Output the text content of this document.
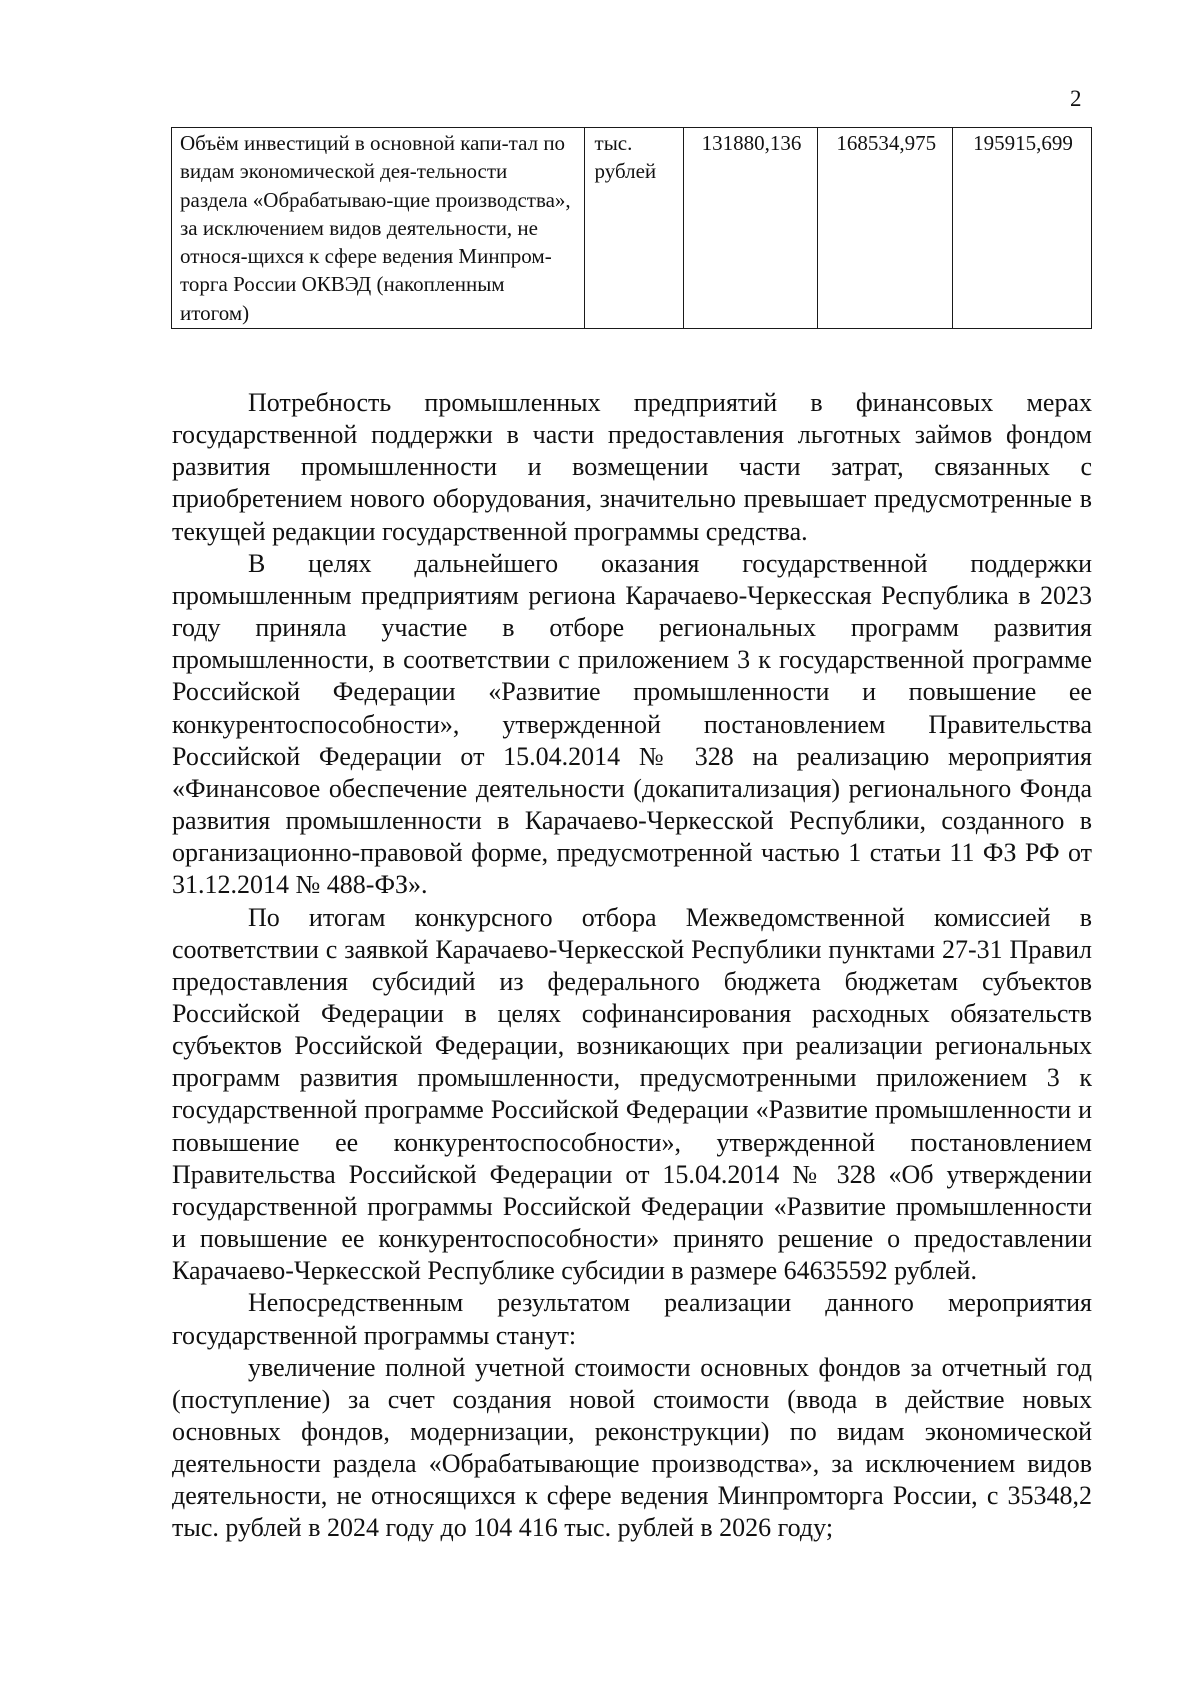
2
Объём инвестиций в основной капи-тал по видам экономической дея-тельности раздела «Обрабатываю-щие производства», за исключением видов деятельности, не относя-щихся к сфере ведения Минпром-торга России ОКВЭД (накопленным итогом)	тыс. рублей	131880,136	168534,975	195915,699

Потребность промышленных предприятий в финансовых мерах государственной поддержки в части предоставления льготных займов фондом развития промышленности и возмещении части затрат, связанных с приобретением нового оборудования, значительно превышает предусмотренные в текущей редакции государственной программы средства.

В целях дальнейшего оказания государственной поддержки промышленным предприятиям региона Карачаево-Черкесская Республика в 2023 году приняла участие в отборе региональных программ развития промышленности, в соответствии с приложением 3 к государственной программе Российской Федерации «Развитие промышленности и повышение ее конкурентоспособности», утвержденной постановлением Правительства Российской Федерации от 15.04.2014 № 328 на реализацию мероприятия «Финансовое обеспечение деятельности (докапитализация) регионального Фонда развития промышленности в Карачаево-Черкесской Республики, созданного в организационно-правовой форме, предусмотренной частью 1 статьи 11 ФЗ РФ от 31.12.2014 № 488-ФЗ».

По итогам конкурсного отбора Межведомственной комиссией в соответствии с заявкой Карачаево-Черкесской Республики пунктами 27-31 Правил предоставления субсидий из федерального бюджета бюджетам субъектов Российской Федерации в целях софинансирования расходных обязательств субъектов Российской Федерации, возникающих при реализации региональных программ развития промышленности, предусмотренными приложением 3 к государственной программе Российской Федерации «Развитие промышленности и повышение ее конкурентоспособности», утвержденной постановлением Правительства Российской Федерации от 15.04.2014 № 328 «Об утверждении государственной программы Российской Федерации «Развитие промышленности и повышение ее конкурентоспособности» принято решение о предоставлении Карачаево-Черкесской Республике субсидии в размере 64635592 рублей.

Непосредственным результатом реализации данного мероприятия государственной программы станут:

увеличение полной учетной стоимости основных фондов за отчетный год (поступление) за счет создания новой стоимости (ввода в действие новых основных фондов, модернизации, реконструкции) по видам экономической деятельности раздела «Обрабатывающие производства», за исключением видов деятельности, не относящихся к сфере ведения Минпромторга России, с 35348,2 тыс. рублей в 2024 году до 104 416 тыс. рублей в 2026 году;
